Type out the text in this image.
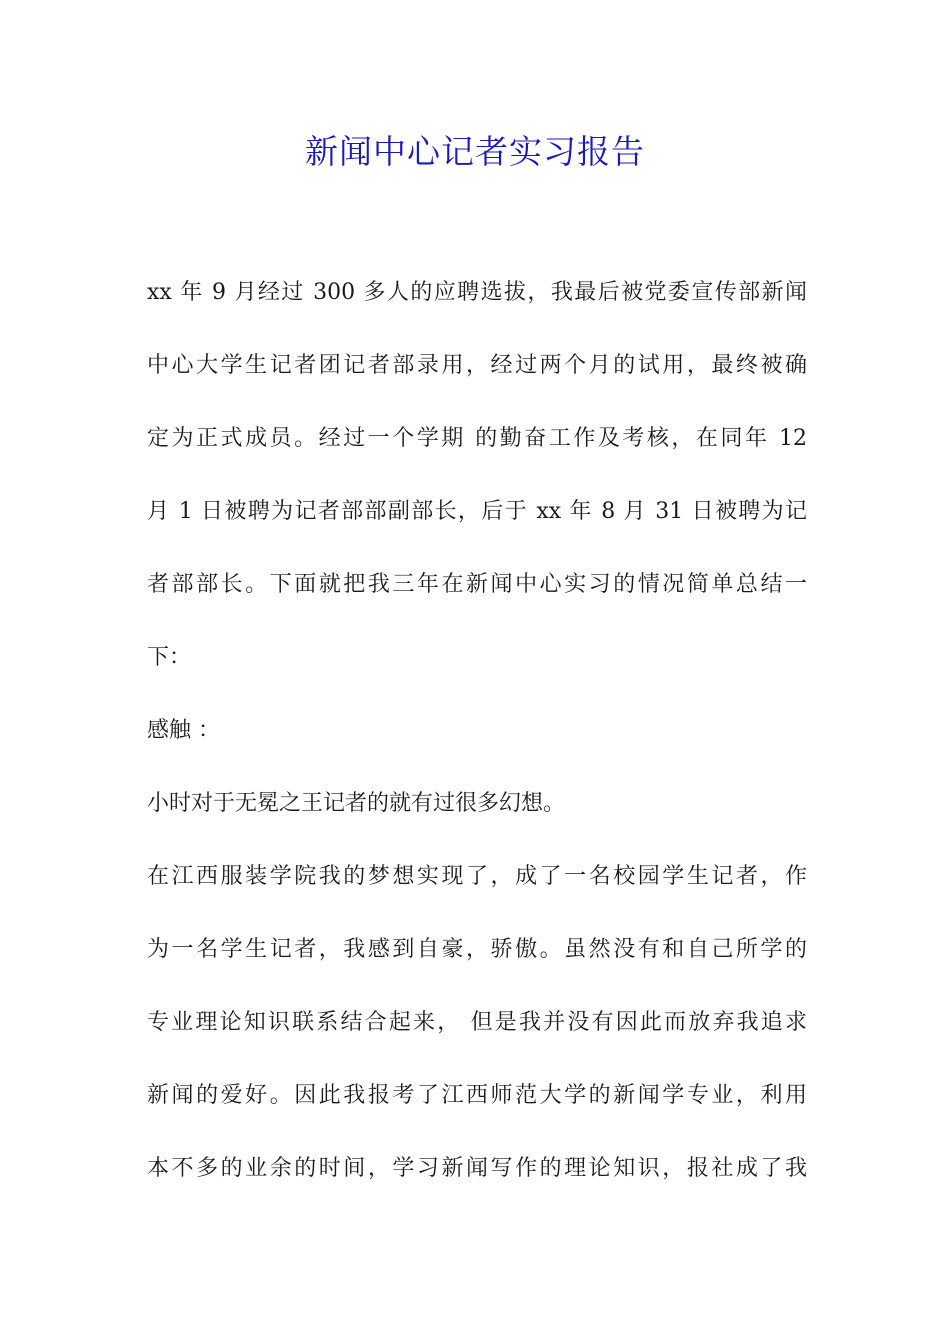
新闻中心记者实习报告
xx 年 9 月经过 300 多人的应聘选拔，我最后被党委宣传部新闻
中心大学生记者团记者部录用，经过两个月的试用，最终被确
定为正式成员。经过一个学期 的勤奋工作及考核，在同年 12
月 1 日被聘为记者部部副部长，后于 xx 年 8 月 31 日被聘为记
者部部长。下面就把我三年在新闻中心实习的情况简单总结一
下：
感触 ：
小时对于无冕之王记者的就有过很多幻想。
在江西服装学院我的梦想实现了，成了一名校园学生记者，作
为一名学生记者，我感到自豪，骄傲。虽然没有和自己所学的
专业理论知识联系结合起来， 但是我并没有因此而放弃我追求
新闻的爱好。因此我报考了江西师范大学的新闻学专业，利用
本不多的业余的时间，学习新闻写作的理论知识，报社成了我
